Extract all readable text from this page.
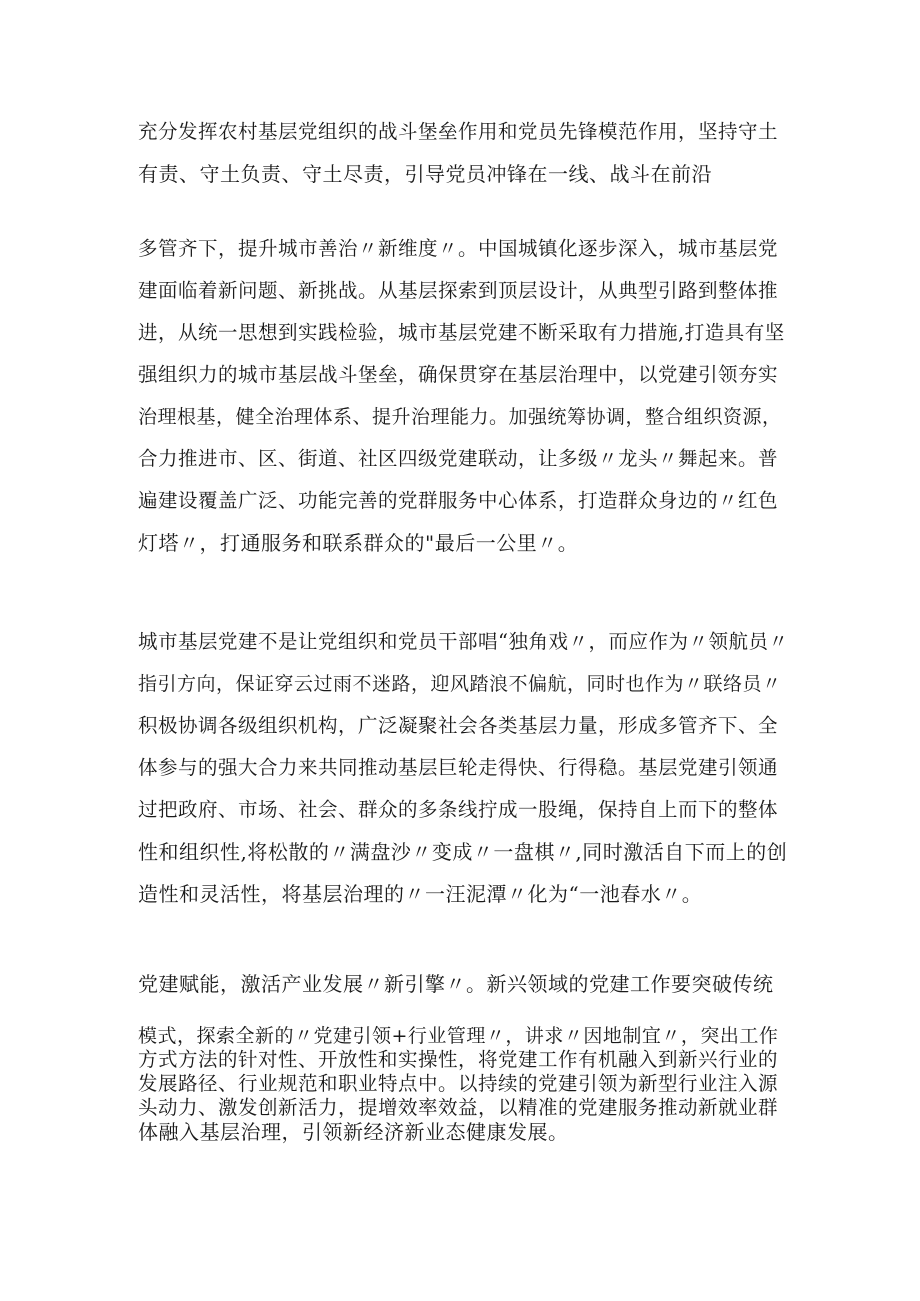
充分发挥农村基层党组织的战斗堡垒作用和党员先锋模范作用，坚持守土
有责、守土负责、守土尽责，引导党员冲锋在一线、战斗在前沿

多管齐下，提升城市善治〃新维度〃。中国城镇化逐步深入，城市基层党
建面临着新问题、新挑战。从基层探索到顶层设计，从典型引路到整体推
进，从统一思想到实践检验，城市基层党建不断采取有力措施,打造具有坚
强组织力的城市基层战斗堡垒，确保贯穿在基层治理中，以党建引领夯实
治理根基，健全治理体系、提升治理能力。加强统筹协调，整合组织资源，
合力推进市、区、街道、社区四级党建联动，让多级〃龙头〃舞起来。普
遍建设覆盖广泛、功能完善的党群服务中心体系，打造群众身边的〃红色
灯塔〃，打通服务和联系群众的"最后一公里〃。

城市基层党建不是让党组织和党员干部唱“独角戏〃，而应作为〃领航员〃
指引方向，保证穿云过雨不迷路，迎风踏浪不偏航，同时也作为〃联络员〃
积极协调各级组织机构，广泛凝聚社会各类基层力量，形成多管齐下、全
体参与的强大合力来共同推动基层巨轮走得快、行得稳。基层党建引领通
过把政府、市场、社会、群众的多条线拧成一股绳，保持自上而下的整体
性和组织性,将松散的〃满盘沙〃变成〃一盘棋〃,同时激活自下而上的创
造性和灵活性，将基层治理的〃一汪泥潭〃化为“一池春水〃。

党建赋能，激活产业发展〃新引擎〃。新兴领域的党建工作要突破传统

模式，探索全新的〃党建引领+行业管理〃，讲求〃因地制宜〃，突出工作
方式方法的针对性、开放性和实操性，将党建工作有机融入到新兴行业的
发展路径、行业规范和职业特点中。以持续的党建引领为新型行业注入源
头动力、激发创新活力，提增效率效益，以精准的党建服务推动新就业群
体融入基层治理，引领新经济新业态健康发展。
